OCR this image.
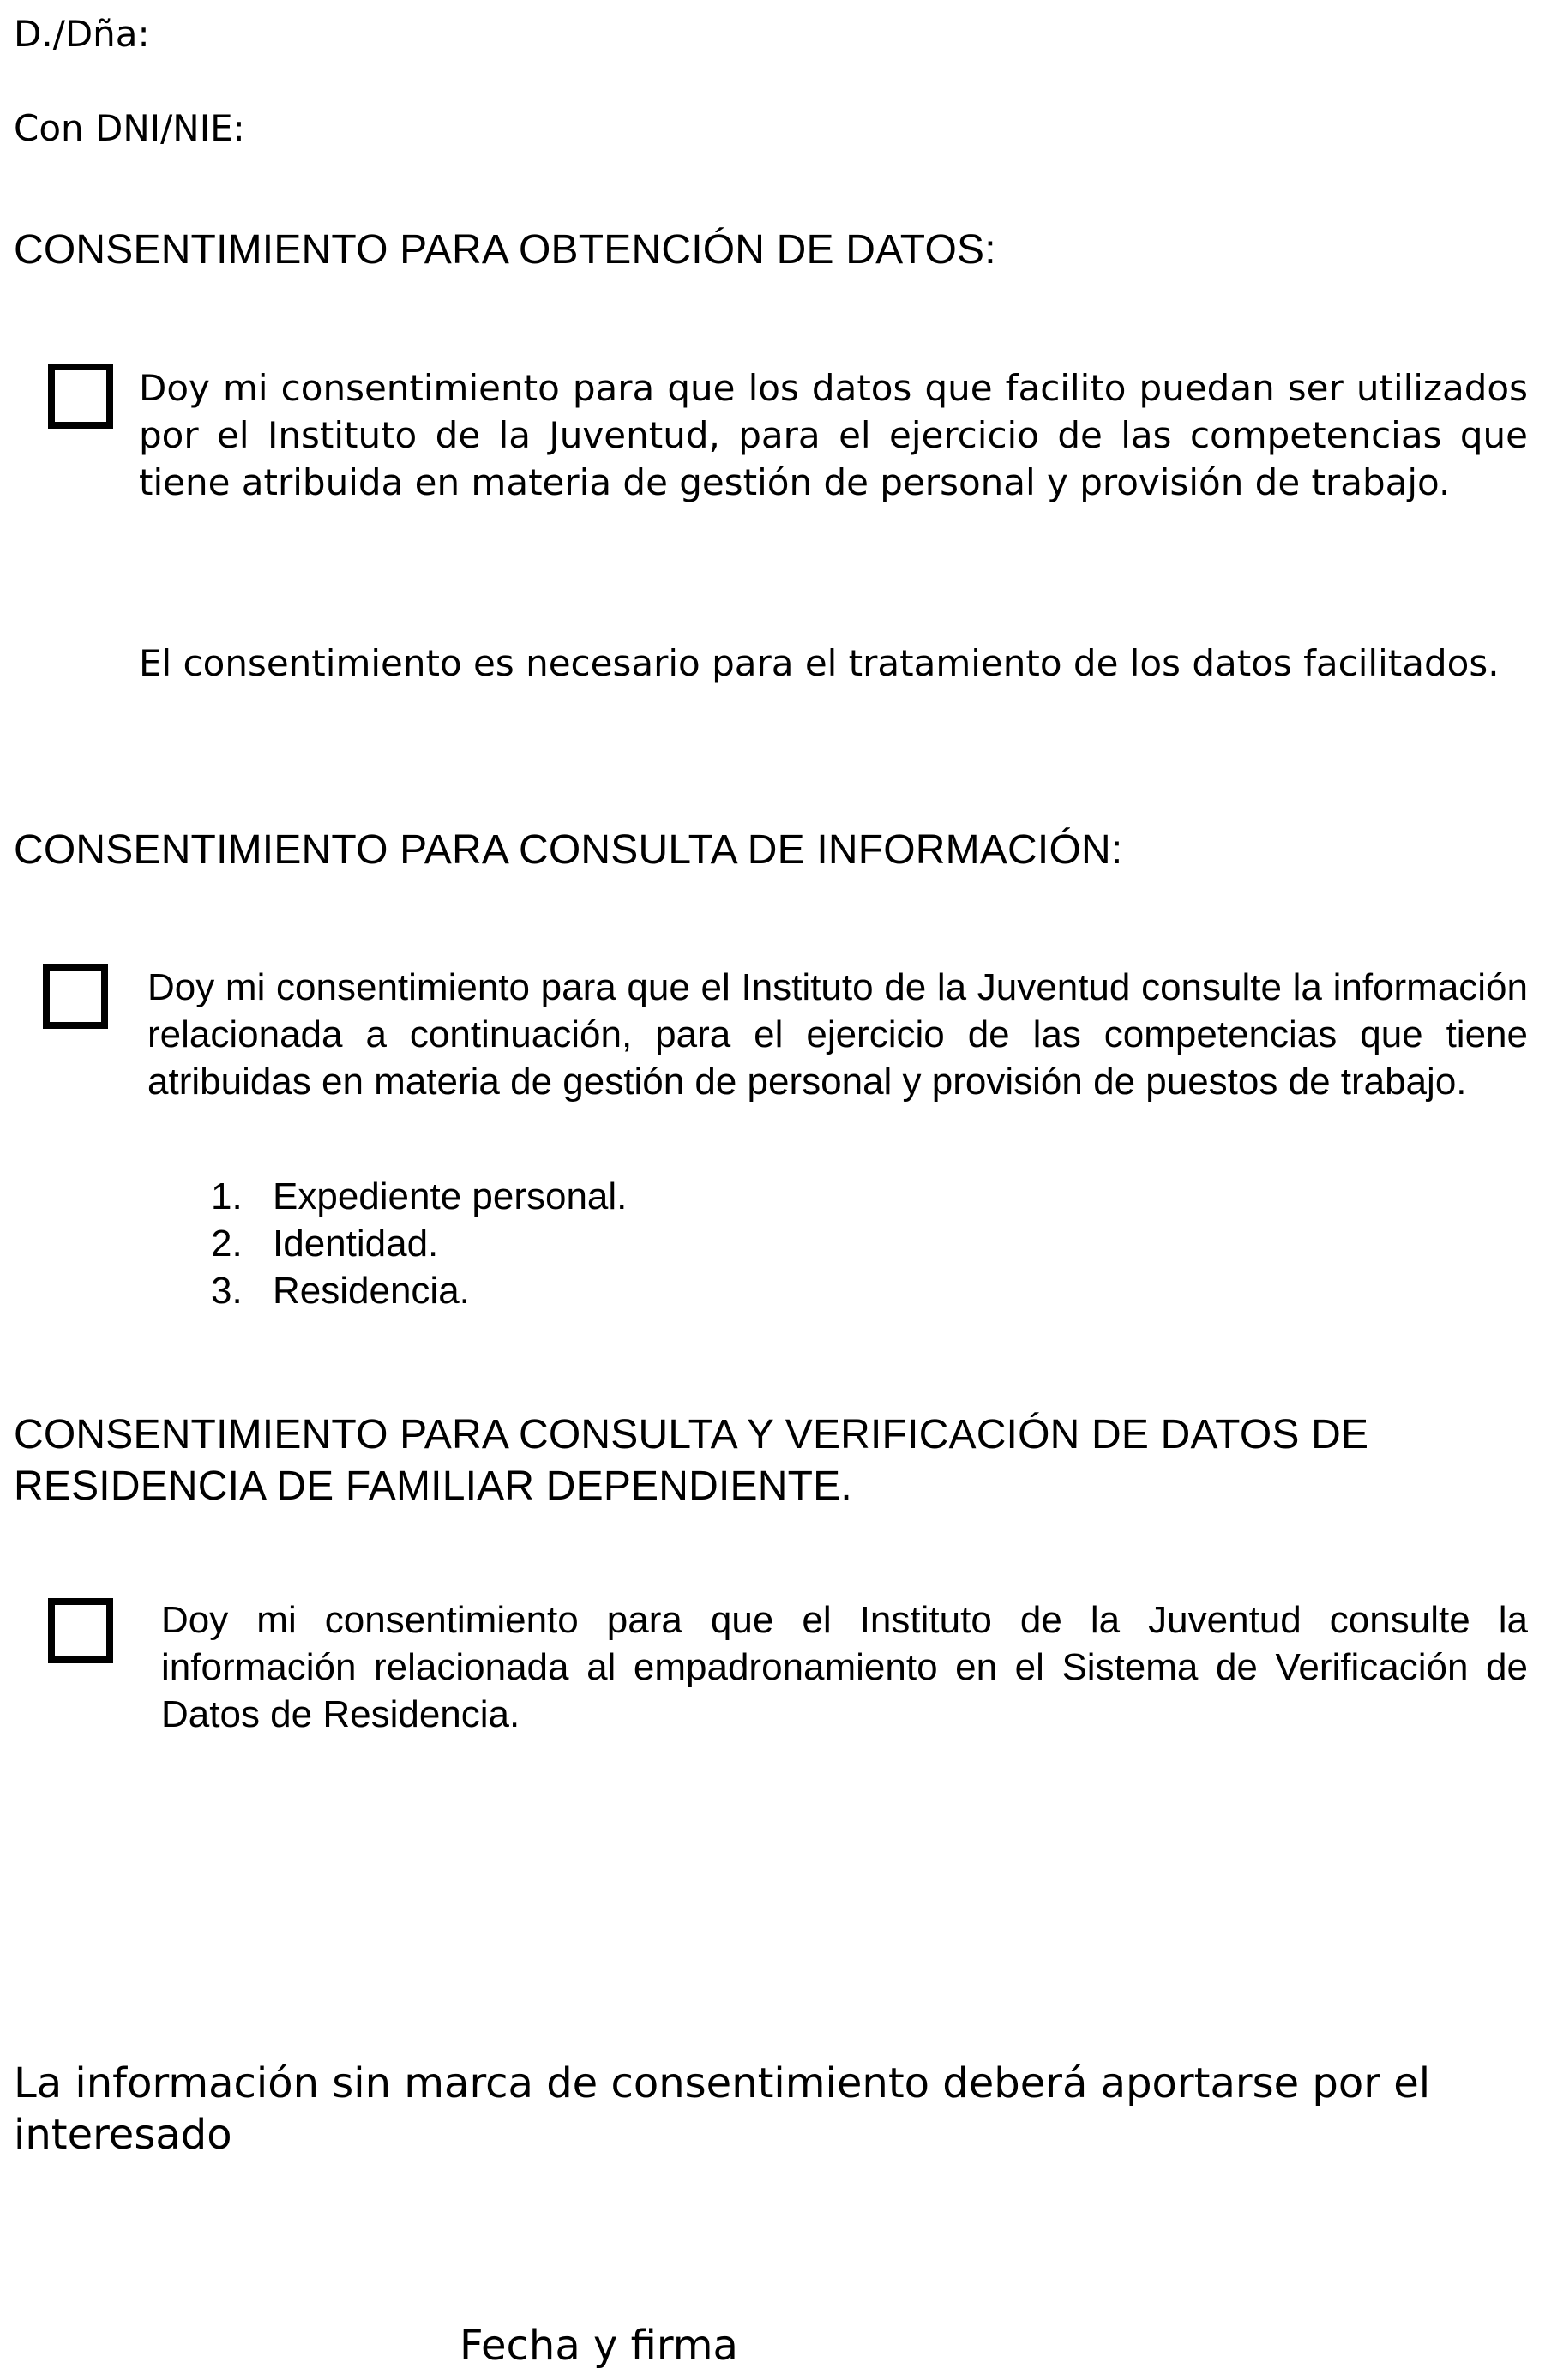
D./Dña:
Con DNI/NIE:
CONSENTIMIENTO PARA OBTENCIÓN DE DATOS:
Doy mi consentimiento para que los datos que facilito puedan ser utilizados por el Instituto de la Juventud, para el ejercicio de las competencias que tiene atribuida en materia de gestión de personal y provisión de trabajo.
El consentimiento es necesario para el tratamiento de los datos facilitados.
CONSENTIMIENTO PARA CONSULTA DE INFORMACIÓN:
Doy mi consentimiento para que el Instituto de la Juventud consulte la información relacionada a continuación, para el ejercicio de las competencias que tiene atribuidas en materia de gestión de personal y provisión de puestos de trabajo.
1. Expediente personal.
2. Identidad.
3. Residencia.
CONSENTIMIENTO PARA CONSULTA Y VERIFICACIÓN DE DATOS DE
RESIDENCIA DE FAMILIAR DEPENDIENTE.
Doy mi consentimiento para que el Instituto de la Juventud consulte la información relacionada al empadronamiento en el Sistema de Verificación de Datos de Residencia.
La información sin marca de consentimiento deberá aportarse por el interesado
Fecha y firma
